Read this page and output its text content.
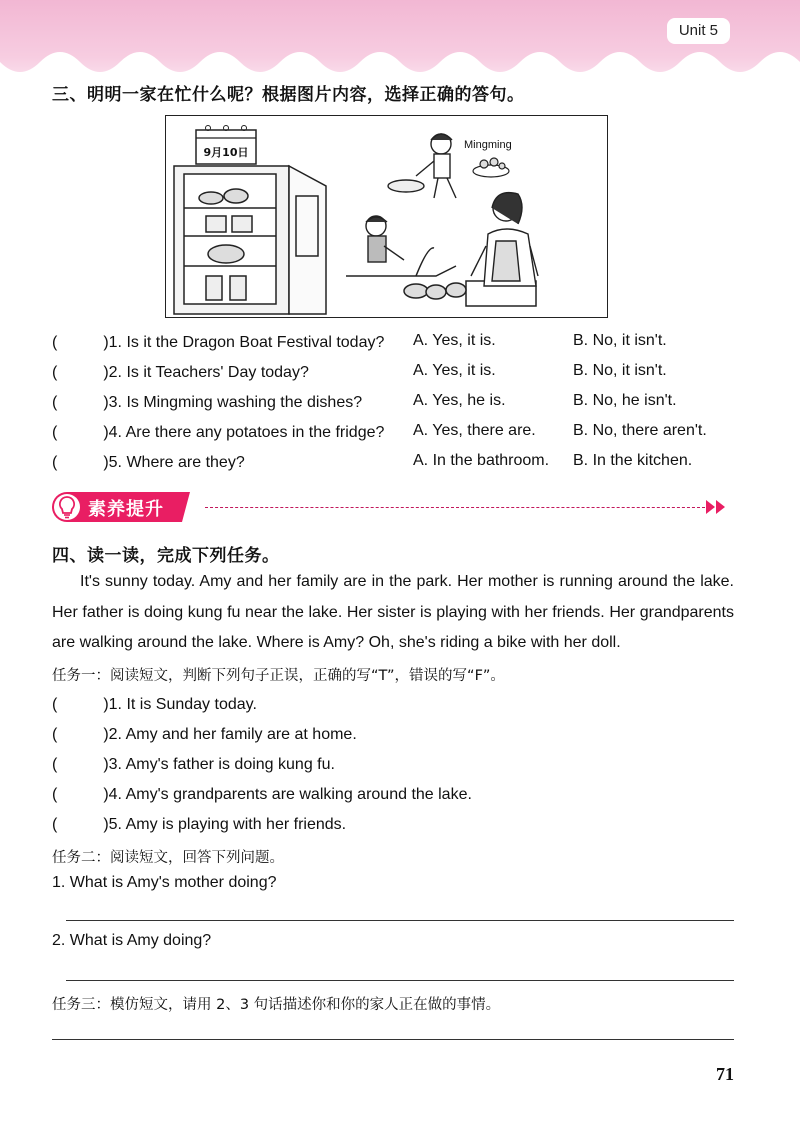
Unit 5
三、明明一家在忙什么呢？根据图片内容，选择正确的答句。
9月10日
Mingming
(	)1. Is it the Dragon Boat Festival today? A. Yes, it is.	B. No, it isn't.
(	)2. Is it Teachers' Day today?	A. Yes, it is.	B. No, it isn't.
(	)3. Is Mingming washing the dishes?	A. Yes, he is.	B. No, he isn't.
(	)4. Are there any potatoes in the fridge? A. Yes, there are. B. No, there aren't.
(	)5. Where are they?	A. In the bathroom. B. In the kitchen.
素养提升
四、读一读，完成下列任务。
It's sunny today. Amy and her family are in the park. Her mother is running around the lake. Her father is doing kung fu near the lake. Her sister is playing with her friends. Her grandparents are walking around the lake. Where is Amy? Oh, she's riding a bike with her doll.
任务一：阅读短文，判断下列句子正误，正确的写“T”，错误的写“F”。
(	)1. It is Sunday today.
(	)2. Amy and her family are at home.
(	)3. Amy's father is doing kung fu.
(	)4. Amy's grandparents are walking around the lake.
(	)5. Amy is playing with her friends.
任务二：阅读短文，回答下列问题。
1. What is Amy's mother doing?
2. What is Amy doing?
任务三：模仿短文，请用 2、3 句话描述你和你的家人正在做的事情。
71
